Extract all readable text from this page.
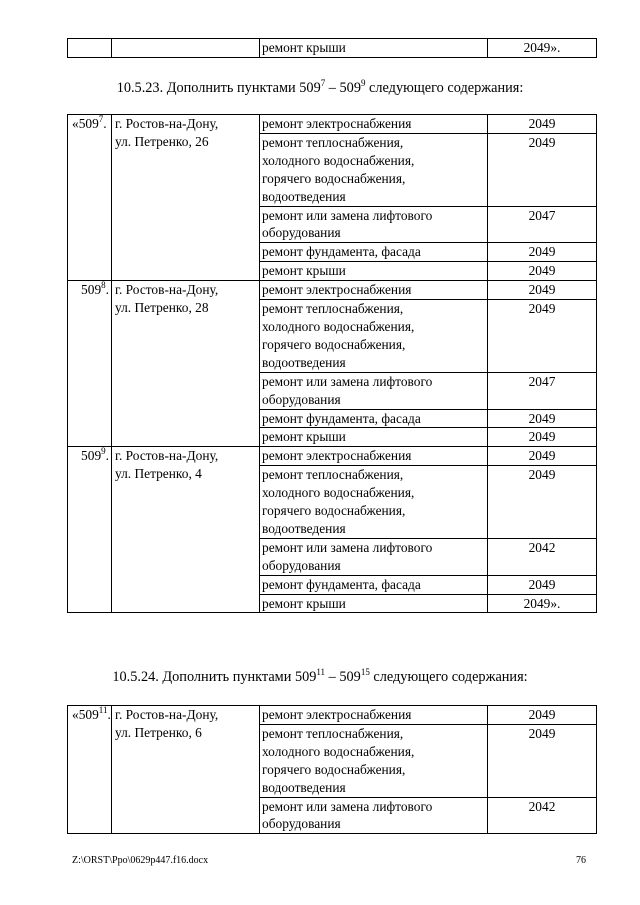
		ремонт крыши	2049».
10.5.23. Дополнить пунктами $509^7 - 509^9$ следующего содержания:
«$509^7$.	г. Ростов-на-Дону,
ул. Петренко, 26	ремонт электроснабжения	2049

		ремонт теплоснабжения,
холодного водоснабжения,
горячего водоснабжения,
водоотведения	2049

		ремонт или замена лифтового
оборудования	2047

		ремонт фундамента, фасада	2049

		ремонт крыши	2049
$509^8$.	г. Ростов-на-Дону,
ул. Петренко, 28	ремонт электроснабжения	2049

		ремонт теплоснабжения,
холодного водоснабжения,
горячего водоснабжения,
водоотведения	2049

		ремонт или замена лифтового
оборудования	2047

		ремонт фундамента, фасада	2049

		ремонт крыши	2049
$509^9$.	г. Ростов-на-Дону,
ул. Петренко, 4	ремонт электроснабжения	2049

		ремонт теплоснабжения,
холодного водоснабжения,
горячего водоснабжения,
водоотведения	2049

		ремонт или замена лифтового
оборудования	2042

		ремонт фундамента, фасада	2049

		ремонт крыши	2049».
10.5.24. Дополнить пунктами $509^{11} - 509^{15}$ следующего содержания:
«$509^{11}$.	г. Ростов-на-Дону,
ул. Петренко, 6	ремонт электроснабжения	2049

		ремонт теплоснабжения,
холодного водоснабжения,
горячего водоснабжения,
водоотведения	2049

		ремонт или замена лифтового
оборудования	2042
Z:\ORST\Ppo\0629p447.f16.docx	76
